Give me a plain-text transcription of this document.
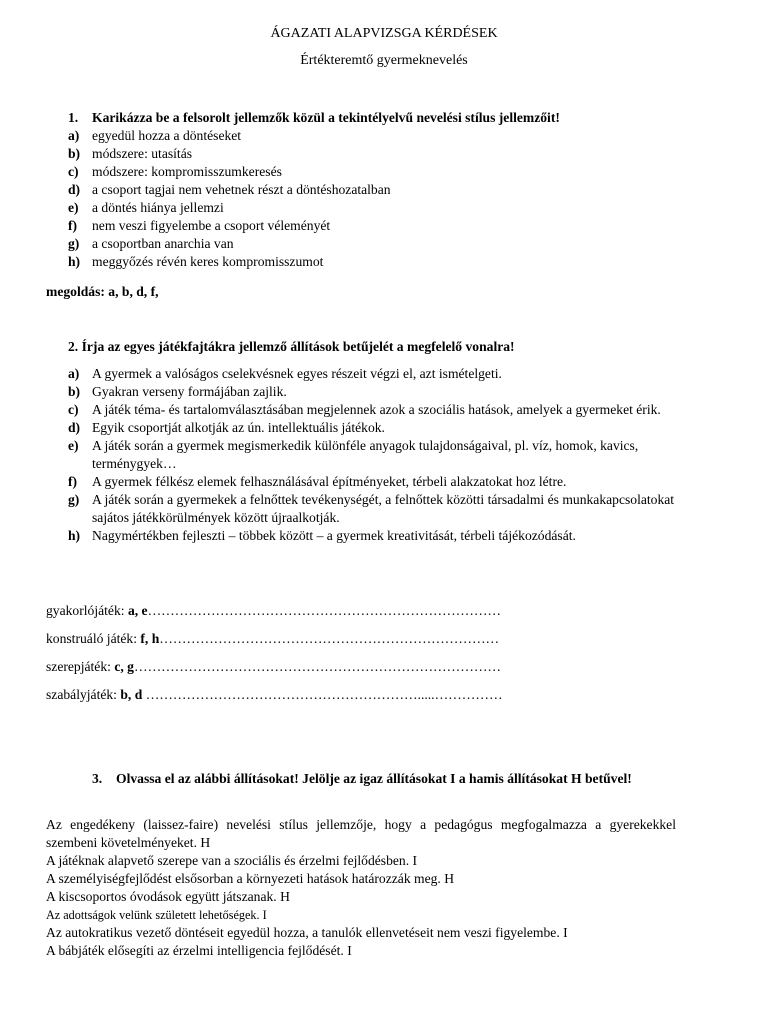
ÁGAZATI ALAPVIZSGA KÉRDÉSEK
Értékteremtő gyermeknevelés
1. Karikázza be a felsorolt jellemzők közül a tekintélyelvű nevelési stílus jellemzőit!
a) egyedül hozza a döntéseket
b) módszere: utasítás
c) módszere: kompromisszumkeresés
d) a csoport tagjai nem vehetnek részt a döntéshozatalban
e) a döntés hiánya jellemzi
f) nem veszi figyelembe a csoport véleményét
g) a csoportban anarchia van
h) meggyőzés révén keres kompromisszumot
megoldás: a, b, d, f,
2. Írja az egyes játékfajtákra jellemző állítások betűjelét a megfelelő vonalra!
a) A gyermek a valóságos cselekvésnek egyes részeit végzi el, azt ismételgeti.
b) Gyakran verseny formájában zajlik.
c) A játék téma- és tartalomválasztásában megjelennek azok a szociális hatások, amelyek a gyermeket érik.
d) Egyik csoportját alkotják az ún. intellektuális játékok.
e) A játék során a gyermek megismerkedik különféle anyagok tulajdonságaival, pl. víz, homok, kavics, terménygyek…
f) A gyermek félkész elemek felhasználásával építményeket, térbeli alakzatokat hoz létre.
g) A játék során a gyermekek a felnőttek tevékenységét, a felnőttek közötti társadalmi és munkakapcsolatokat sajátos játékkörülmények között újraalkotják.
h) Nagymértékben fejleszti – többek között – a gyermek kreativitását, térbeli tájékozódását.
gyakorlójáték: a, e……………………………………………………………………
konstruáló játék: f, h…………………………………………………………………
szerepjáték: c, g………………………………………………………………………
szabályjáték: b, d …………………………………………………….....……………
3.	Olvassa el az alábbi állításokat! Jelölje az igaz állításokat I a hamis állításokat H betűvel!
Az engedékeny (laissez-faire) nevelési stílus jellemzője, hogy a pedagógus megfogalmazza a gyerekekkel szembeni követelményeket. H
A játéknak alapvető szerepe van a szociális és érzelmi fejlődésben. I
A személyiségfejlődést elsősorban a környezeti hatások határozzák meg. H
A kiscsoportos óvodások együtt játszanak. H
Az adottságok velünk született lehetőségek. I
Az autokratikus vezető döntéseit egyedül hozza, a tanulók ellenvetéseit nem veszi figyelembe. I
A bábjáték elősegíti az érzelmi intelligencia fejlődését. I
